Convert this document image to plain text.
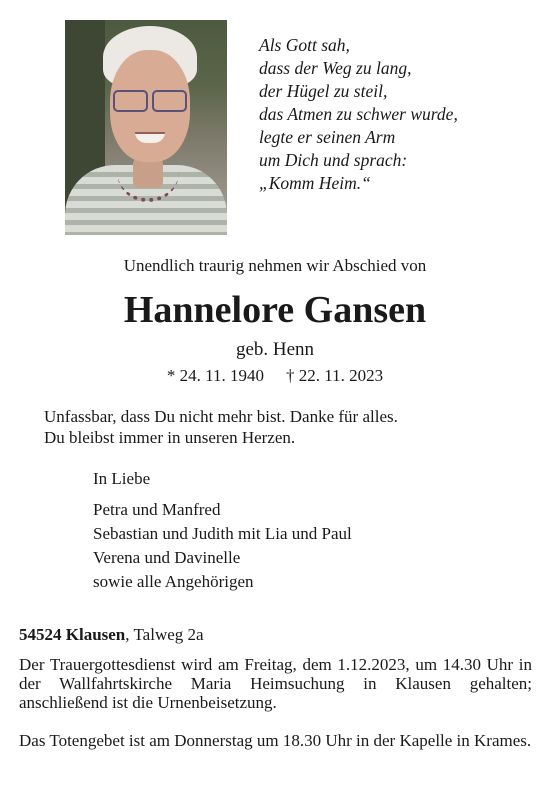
Als Gott sah,
dass der Weg zu lang,
der Hügel zu steil,
das Atmen zu schwer wurde,
legte er seinen Arm
um Dich und sprach:
„Komm Heim.“

Unendlich traurig nehmen wir Abschied von

Hannelore Gansen

geb. Henn

* 24. 11. 1940 † 22. 11. 2023

Unfassbar, dass Du nicht mehr bist. Danke für alles.
Du bleibst immer in unseren Herzen.

In Liebe
Petra und Manfred
Sebastian und Judith mit Lia und Paul
Verena und Davinelle
sowie alle Angehörigen

54524 Klausen, Talweg 2a

Der Trauergottesdienst wird am Freitag, dem 1.12.2023, um 14.30 Uhr in der Wallfahrtskirche Maria Heimsuchung in Klausen gehalten; anschließend ist die Urnenbeisetzung.

Das Totengebet ist am Donnerstag um 18.30 Uhr in der Kapelle in Krames.
